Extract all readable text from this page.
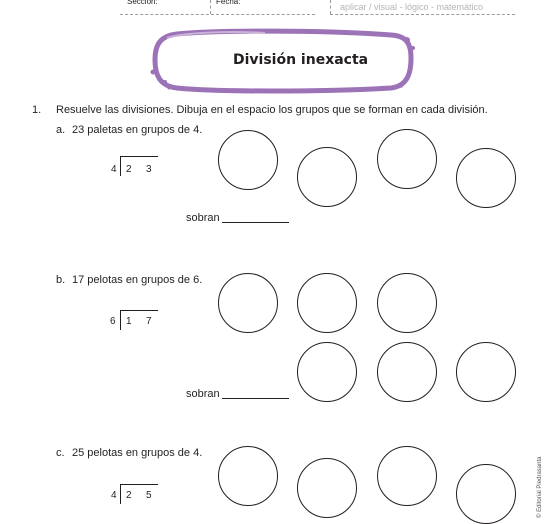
Sección:	Fecha:
aplicar / visual - lógico - matemático
División inexacta
1. Resuelve las divisiones. Dibuja en el espacio los grupos que se forman en cada división.
a. 23 paletas en grupos de 4.
4 2 3
sobran
b. 17 pelotas en grupos de 6.
6 1 7
sobran
c. 25 pelotas en grupos de 4.
4 2 5	© Editorial Piedrasanta
